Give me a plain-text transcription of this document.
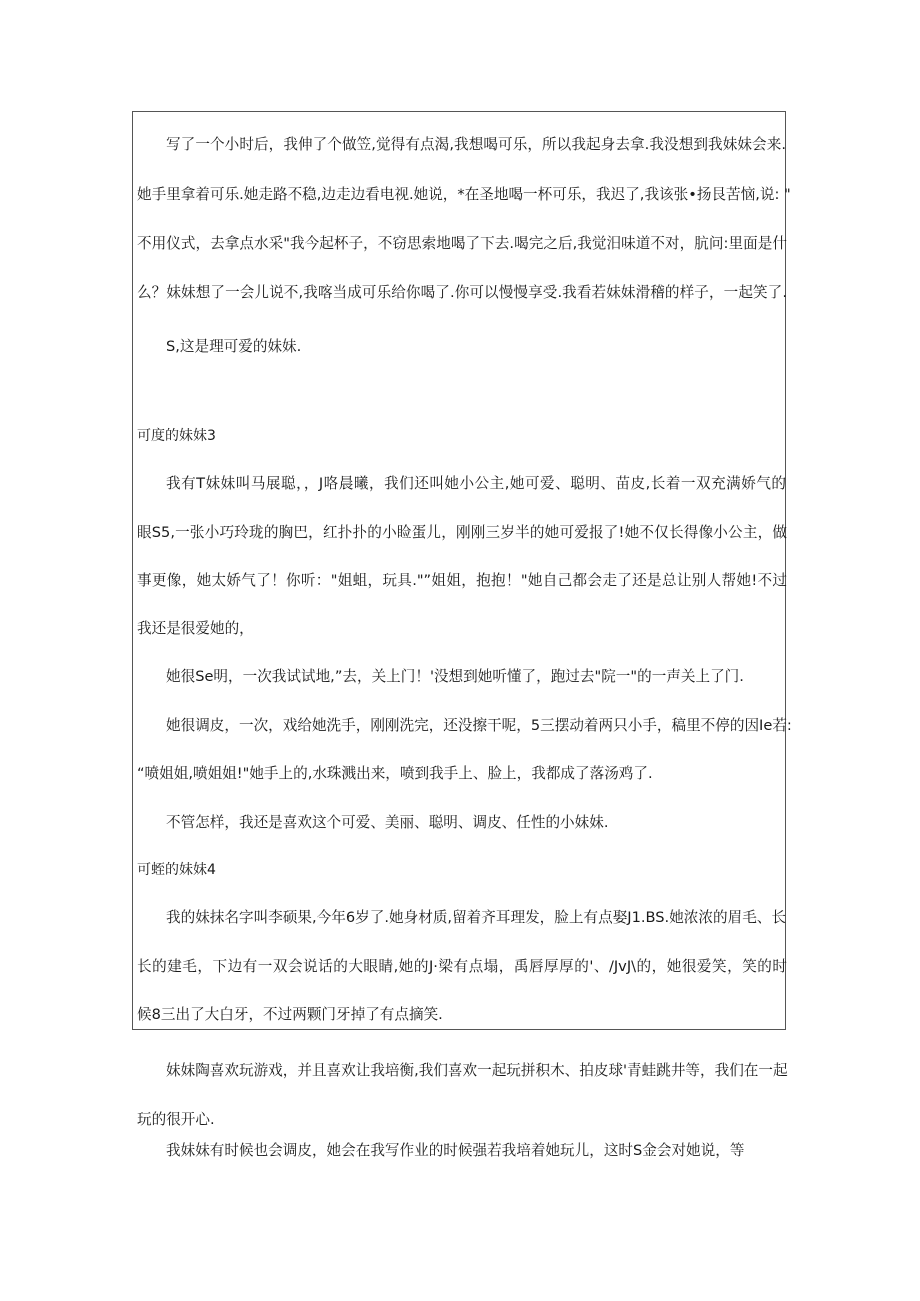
写了一个小时后，我伸了个做笠,觉得有点渴,我想喝可乐，所以我起身去拿.我没想到我妹妹会来.
她手里拿着可乐.她走路不稳,边走边看电视.她说，*在圣地喝一杯可乐，我迟了,我该张•扬艮苦恼,说: "
不用仪式，去拿点水采"我今起杯子，不窃思索地喝了下去.喝完之后,我觉汨味道不对，肮问:里面是什
么？妹妹想了一会儿说不,我喀当成可乐给你喝了.你可以慢慢享受.我看若妹妹滑稽的样子，一起笑了.
S,这是理可爱的妹妹.
可度的妹妹3
我有T妹妹叫马展聪，，J咯晨曦，我们还叫她小公主,她可爱、聪明、苗皮,长着一双充满娇气的
眼S5,一张小巧玲珑的胸巴，红扑扑的小睑蛋儿，刚刚三岁半的她可爱报了!她不仅长得像小公主，做
事更像，她太娇气了！你听："姐蛆，玩具."”姐姐，抱抱！"她自己都会走了还是总让别人帮她!不过
我还是很爱她的，
她很Se明，一次我试试地,”去，关上门！'没想到她听懂了，跑过去"院一"的一声关上了门.
她很调皮，一次，戏给她洗手，刚刚洗完，还没擦干呢，5三摆动着两只小手，稿里不停的因Ie若:
“喷姐姐,喷姐姐!"她手上的,水珠溅出来，喷到我手上、脸上，我都成了落汤鸡了.
不管怎样，我还是喜欢这个可爱、美丽、聪明、调皮、任性的小妹妹.
可蛭的妹妹4
我的妹抹名字叫李硕果,今年6岁了.她身材质,留着齐耳理发，脸上有点娶J1.BS.她浓浓的眉毛、长
长的建毛，下边有一双会说话的大眼睛,她的J·梁有点塌，禹唇厚厚的'、/JvJ\的，她很爱笑，笑的时
候8三出了大白牙，不过两颗门牙掉了有点摘笑.
妹妹陶喜欢玩游戏，并且喜欢让我培衡,我们喜欢一起玩拼积木、拍皮球'青蛙跳井等，我们在一起
玩的很开心.
我妹妹有时候也会调皮，她会在我写作业的时候强若我培着她玩儿，这时S金会对她说，等
